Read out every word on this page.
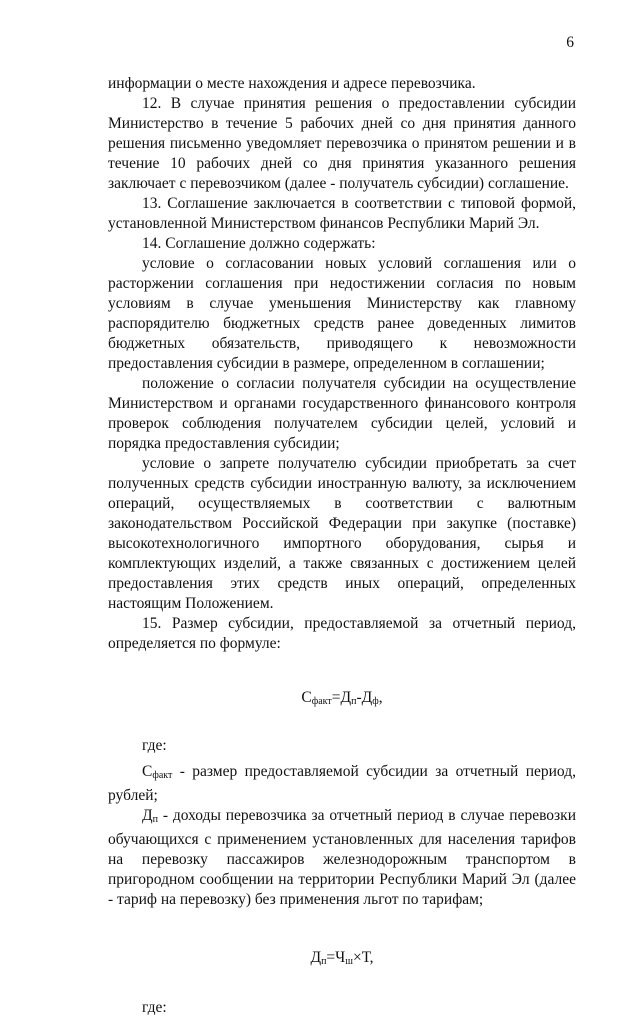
6

информации о месте нахождения и адресе перевозчика.

12. В случае принятия решения о предоставлении субсидии Министерство в течение 5 рабочих дней со дня принятия данного решения письменно уведомляет перевозчика о принятом решении и в течение 10 рабочих дней со дня принятия указанного решения заключает с перевозчиком (далее - получатель субсидии) соглашение.

13. Соглашение заключается в соответствии с типовой формой, установленной Министерством финансов Республики Марий Эл.

14. Соглашение должно содержать:

условие о согласовании новых условий соглашения или о расторжении соглашения при недостижении согласия по новым условиям в случае уменьшения Министерству как главному распорядителю бюджетных средств ранее доведенных лимитов бюджетных обязательств, приводящего к невозможности предоставления субсидии в размере, определенном в соглашении;

положение о согласии получателя субсидии на осуществление Министерством и органами государственного финансового контроля проверок соблюдения получателем субсидии целей, условий и порядка предоставления субсидии;

условие о запрете получателю субсидии приобретать за счет полученных средств субсидии иностранную валюту, за исключением операций, осуществляемых в соответствии с валютным законодательством Российской Федерации при закупке (поставке) высокотехнологичного импортного оборудования, сырья и комплектующих изделий, а также связанных с достижением целей предоставления этих средств иных операций, определенных настоящим Положением.

15. Размер субсидии, предоставляемой за отчетный период, определяется по формуле:

$С_{факт}=Д_п-Д_ф$,

где:

$С_{факт}$ - размер предоставляемой субсидии за отчетный период, рублей;

$Д_п$ - доходы перевозчика за отчетный период в случае перевозки обучающихся с применением установленных для населения тарифов на перевозку пассажиров железнодорожным транспортом в пригородном сообщении на территории Республики Марий Эл (далее - тариф на перевозку) без применения льгот по тарифам;

$Д_п=Ч_ш\times Т$,

где:
